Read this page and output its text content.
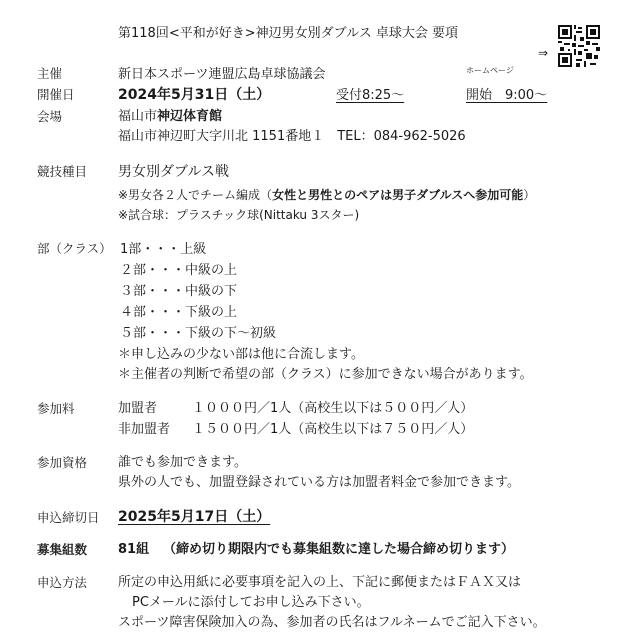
第118回<平和が好き>神辺男女別ダブルス 卓球大会 要項
⇒
ホームページ
主催	新日本スポーツ連盟広島卓球協議会
開催日	2024年5月31日（土）	受付8:25〜	開始　9:00〜
会場	福山市神辺体育館
福山市神辺町大字川北 1151番地１　TEL：084-962-5026
競技種目 男女別ダブルス戦
※男女各２人でチーム編成（女性と男性とのペアは男子ダブルスへ参加可能）
※試合球：プラスチック球(Nittaku 3スター)
部（クラス） 1部・・・上級
２部・・・中級の上
３部・・・中級の下
４部・・・下級の上
５部・・・下級の下〜初級
＊申し込みの少ない部は他に合流します。
＊主催者の判断で希望の部（クラス）に参加できない場合があります。
参加料	加盟者	１０００円／1人（高校生以下は５００円／人）
非加盟者 １５００円／1人（高校生以下は７５０円／人）
参加資格 誰でも参加できます。
県外の人でも、加盟登録されている方は加盟者料金で参加できます。
申込締切日 2025年5月17日（土）
募集組数 81組 （締め切り期限内でも募集組数に達した場合締め切ります）
申込方法 所定の申込用紙に必要事項を記入の上、下記に郵便またはＦＡＸ又は
PCメールに添付してお申し込み下さい。
スポーツ障害保険加入の為、参加者の氏名はフルネームでご記入下さい。
